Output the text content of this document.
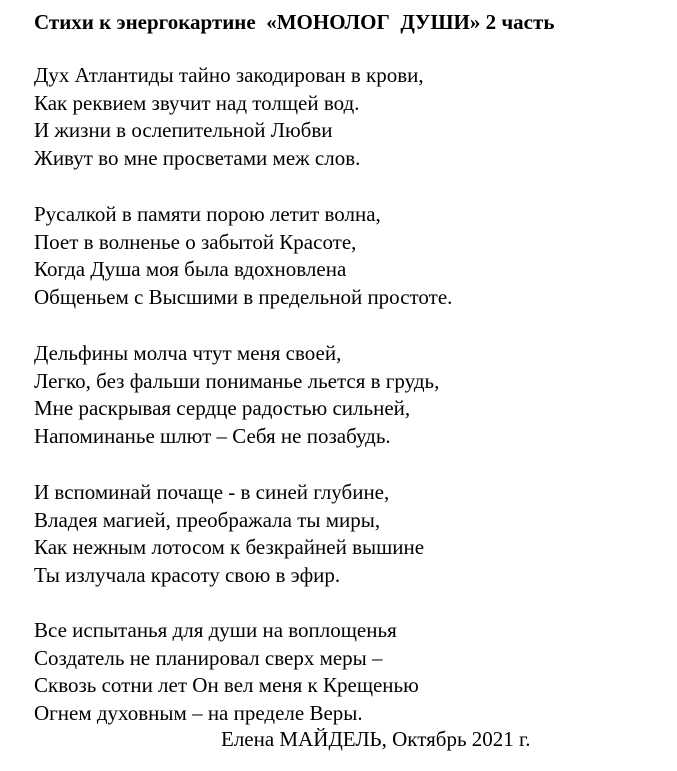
Стихи к энергокартине  «МОНОЛОГ  ДУШИ» 2 часть
Дух Атлантиды тайно закодирован в крови,
Как реквием звучит над толщей вод.
И жизни в ослепительной Любви
Живут во мне просветами меж слов.
Русалкой в памяти порою летит волна,
Поет в волненье о забытой Красоте,
Когда Душа моя была вдохновлена
Общеньем с Высшими в предельной простоте.
Дельфины молча чтут меня своей,
Легко, без фальши пониманье льется в грудь,
Мне раскрывая сердце радостью сильней,
Напоминанье шлют – Себя не позабудь.
И вспоминай почаще - в синей глубине,
Владея магией, преображала ты миры,
Как нежным лотосом к безкрайней вышине
Ты излучала красоту свою в эфир.
Все испытанья для души на воплощенья
Создатель не планировал сверх меры –
Сквозь сотни лет Он вел меня к Крещенью
Огнем духовным – на пределе Веры.
Елена МАЙДЕЛЬ, Октябрь 2021 г.
